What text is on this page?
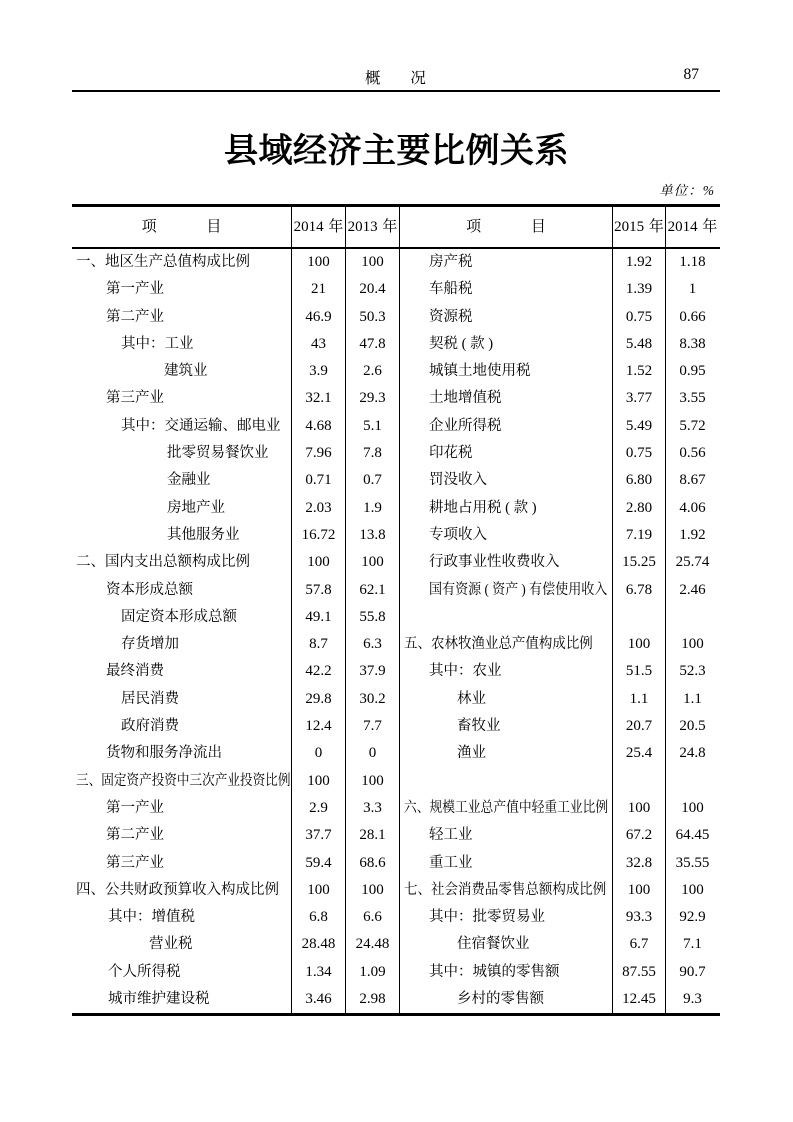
概 况	87
县域经济主要比例关系
单位：%
项 目	2014 年 2013 年	项 目	2015 年 2014 年
一、地区生产总值构成比例	100	100	房产税	1.92	1.18
第一产业	21	20.4	车船税	1.39	1
第二产业	46.9	50.3	资源税	0.75	0.66
其中：工业	43	47.8	契税 ( 款 )	5.48	8.38
建筑业	3.9	2.6	城镇土地使用税	1.52	0.95
第三产业	32.1	29.3	土地增值税	3.77	3.55
其中：交通运输、邮电业	4.68	5.1	企业所得税	5.49	5.72
批零贸易餐饮业	7.96	7.8	印花税	0.75	0.56
金融业	0.71	0.7	罚没收入	6.80	8.67
房地产业	2.03	1.9	耕地占用税 ( 款 )	2.80	4.06
其他服务业	16.72	13.8	专项收入	7.19	1.92
二、国内支出总额构成比例	100	100	行政事业性收费收入	15.25	25.74
资本形成总额	57.8	62.1	国有资源 ( 资产 ) 有偿使用收入	6.78	2.46
固定资本形成总额	49.1	55.8
存货增加	8.7	6.3	五、农林牧渔业总产值构成比例	100	100
最终消费	42.2	37.9	其中：农业	51.5	52.3
居民消费	29.8	30.2	林业	1.1	1.1
政府消费	12.4	7.7	畜牧业	20.7	20.5
货物和服务净流出	0	0	渔业	25.4	24.8
三、固定资产投资中三次产业投资比例	100	100
第一产业	2.9	3.3	六、规模工业总产值中轻重工业比例	100	100
第二产业	37.7	28.1	轻工业	67.2	64.45
第三产业	59.4	68.6	重工业	32.8	35.55
四、公共财政预算收入构成比例	100	100	七、社会消费品零售总额构成比例	100	100
其中：增值税	6.8	6.6	其中：批零贸易业	93.3	92.9
营业税	28.48	24.48	住宿餐饮业	6.7	7.1
个人所得税	1.34	1.09	其中：城镇的零售额	87.55	90.7
城市维护建设税	3.46	2.98	乡村的零售额	12.45	9.3
